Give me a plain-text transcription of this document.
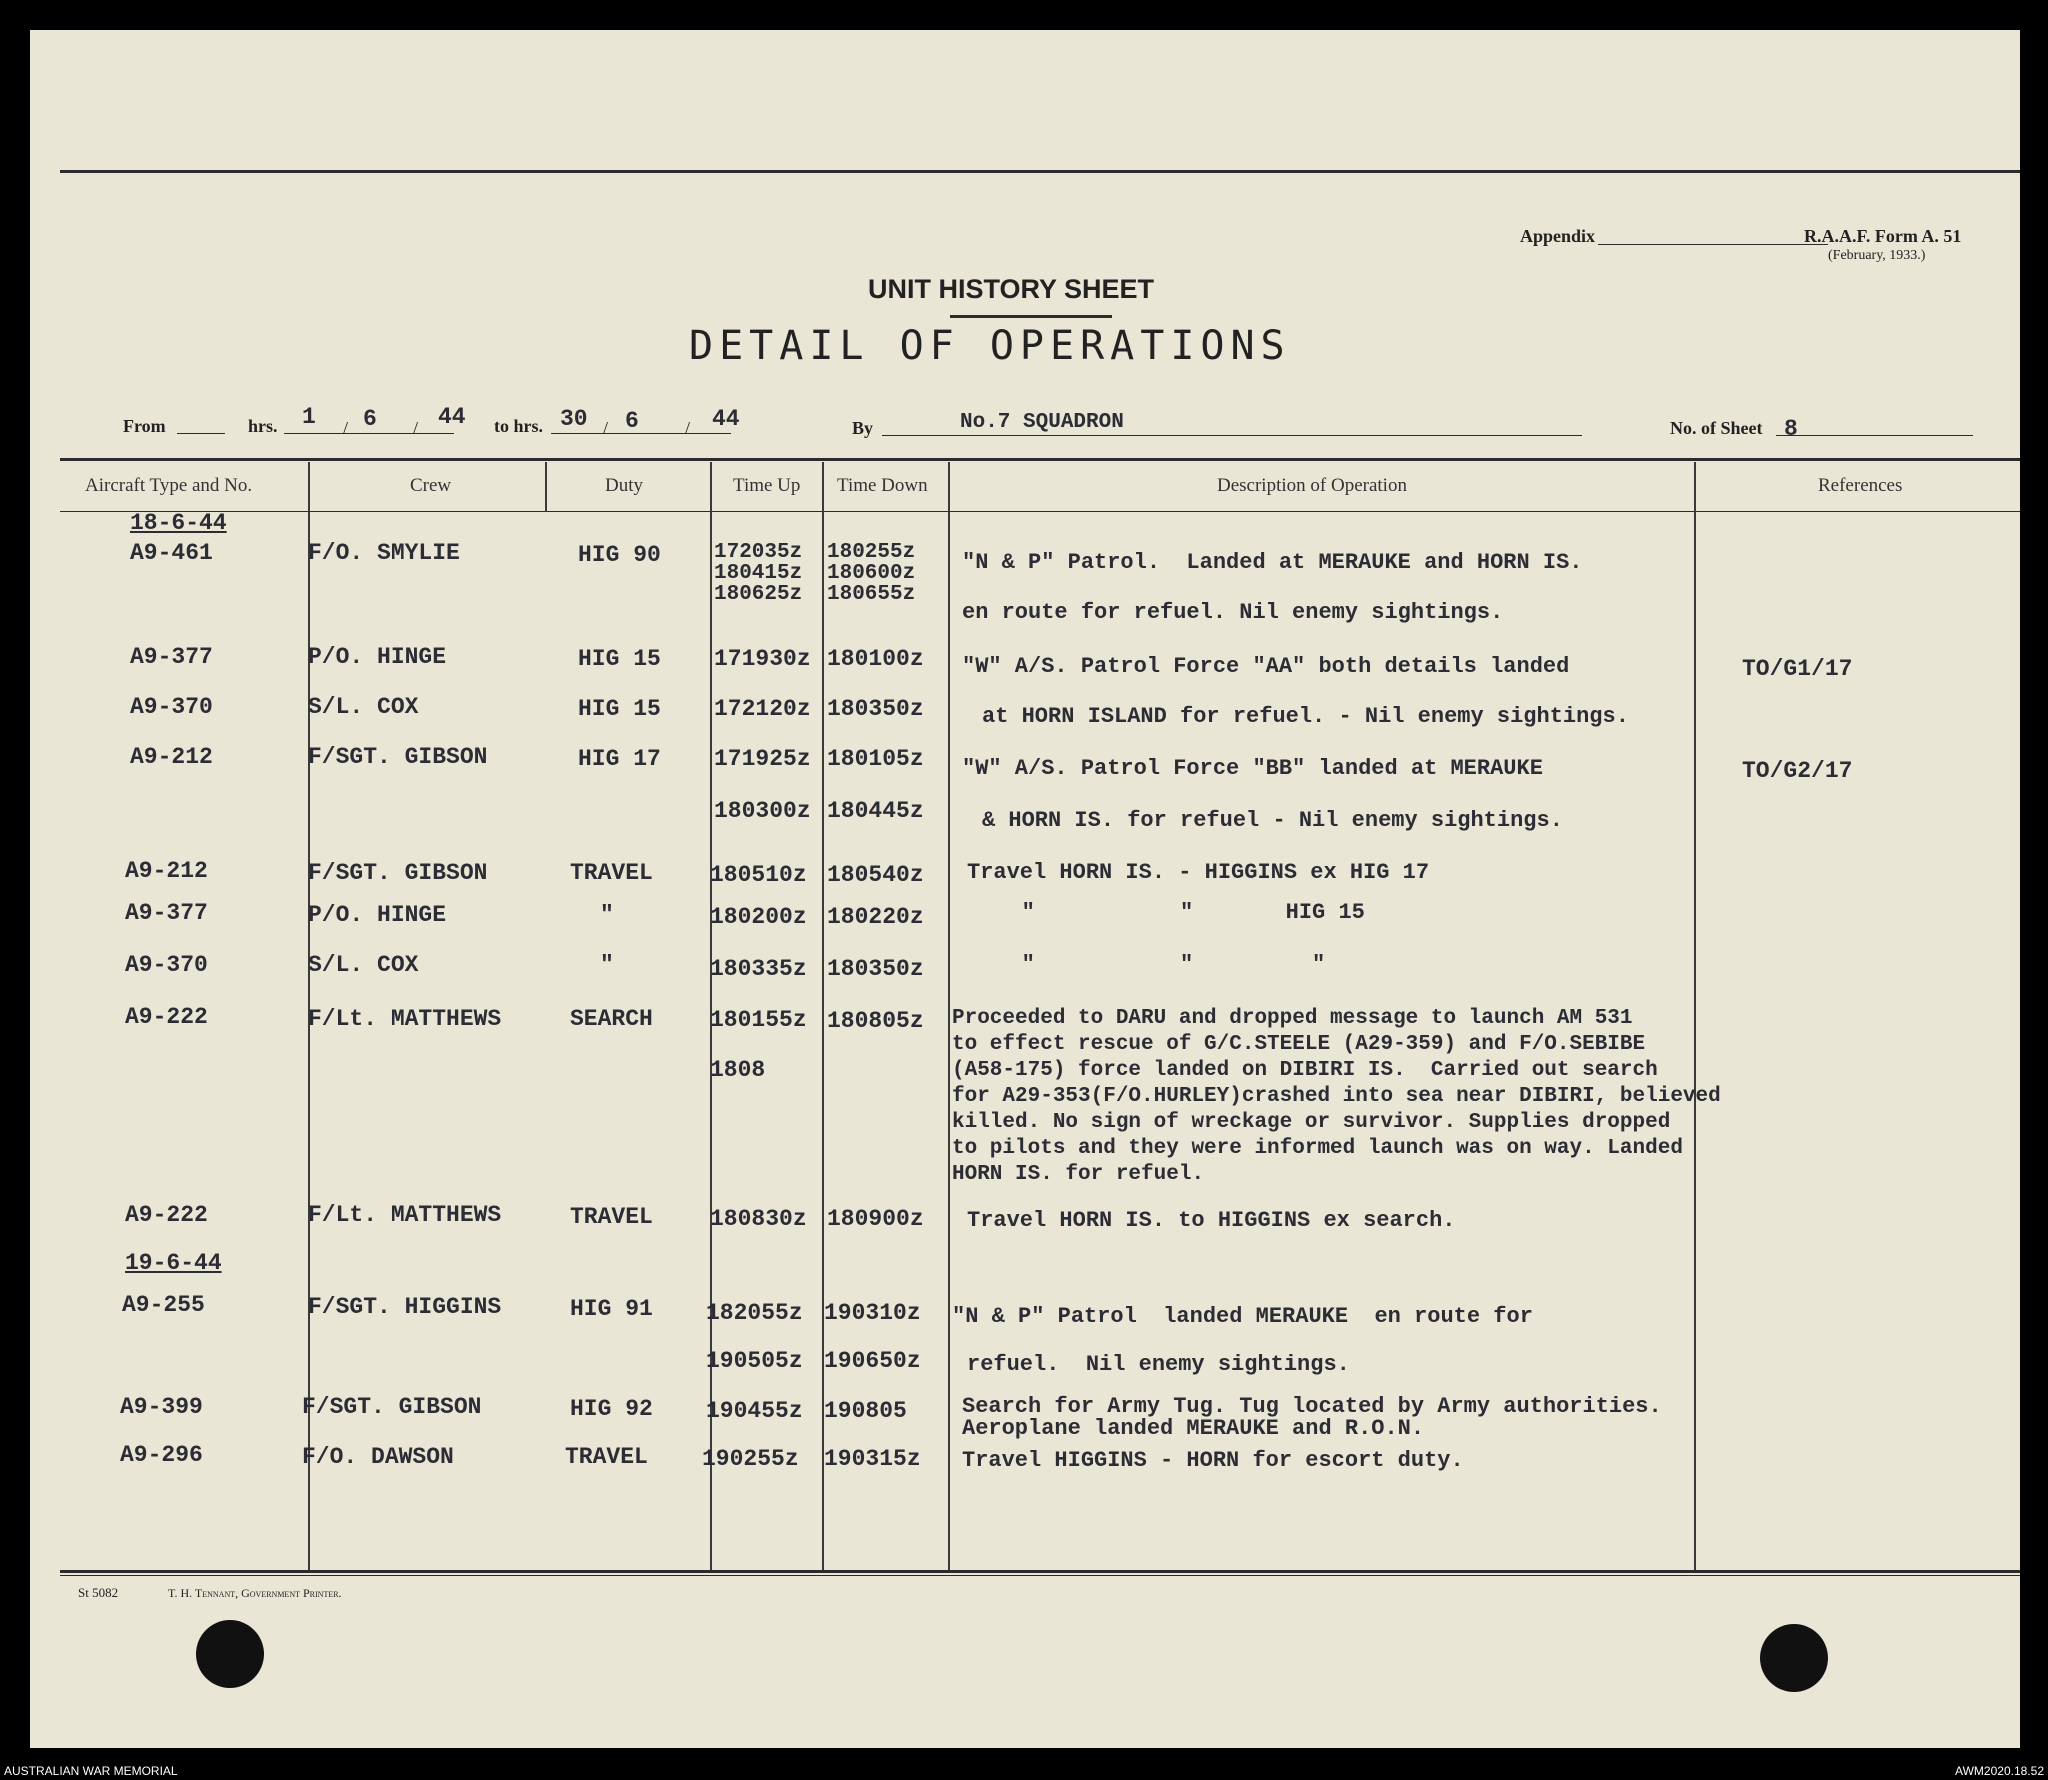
Appendix	R.A.A.F. Form A. 51
(February, 1933.)
UNIT HISTORY SHEET
DETAIL OF OPERATIONS
From	hrs. 1 / 6 / 44 to hrs. 30 / 6	/ 44	By	No.7 SQUADRON	No. of Sheet 8
Aircraft Type and No.	Crew	Duty	Time Up Time Down	Description of Operation	References
18-6-44
A9-461	F/O. SMYLIE	HIG 90	172035z
180415z
180625z
180255z
180600z
180655z
"N & P" Patrol.  Landed at MERAUKE and HORN IS.

en route for refuel. Nil enemy sightings.
A9-377	P/O. HINGE	HIG 15 171930z 180100z "W" A/S. Patrol Force "AA" both details landed	TO/G1/17
A9-370	S/L. COX	HIG 15 172120z 180350z	at HORN ISLAND for refuel. - Nil enemy sightings.
A9-212	F/SGT. GIBSON	HIG 17 171925z 180105z "W" A/S. Patrol Force "BB" landed at MERAUKE	TO/G2/17
180300z 180445z	& HORN IS. for refuel - Nil enemy sightings.
A9-212	F/SGT. GIBSON	TRAVEL 180510z 180540z Travel HORN IS. - HIGGINS ex HIG 17
A9-377	P/O. HINGE	"	180200z 180220z	"           "       HIG 15
A9-370	S/L. COX	"	180335z 180350z	"           "         "
A9-222	F/Lt. MATTHEWS	SEARCH 180155z

1808
180805z Proceeded to DARU and dropped message to launch AM 531
to effect rescue of G/C.STEELE (A29-359) and F/O.SEBIBE
(A58-175) force landed on DIBIRI IS.  Carried out search
for A29-353(F/O.HURLEY)crashed into sea near DIBIRI, believed
killed. No sign of wreckage or survivor. Supplies dropped
to pilots and they were informed launch was on way. Landed
HORN IS. for refuel.
A9-222	F/Lt. MATTHEWS	TRAVEL 180830z 180900z Travel HORN IS. to HIGGINS ex search.
19-6-44
A9-255	F/SGT. HIGGINS	HIG 91 182055z 190310z "N & P" Patrol  landed MERAUKE  en route for
190505z 190650z refuel.  Nil enemy sightings.
A9-399	F/SGT. GIBSON	HIG 92 190455z 190805	Search for Army Tug. Tug located by Army authorities.
Aeroplane landed MERAUKE and R.O.N.
A9-296	F/O. DAWSON	TRAVEL 190255z 190315z Travel HIGGINS - HORN for escort duty.
St 5082	T. H. Tennant, Government Printer.
AUSTRALIAN WAR MEMORIAL	AWM2020.18.52
